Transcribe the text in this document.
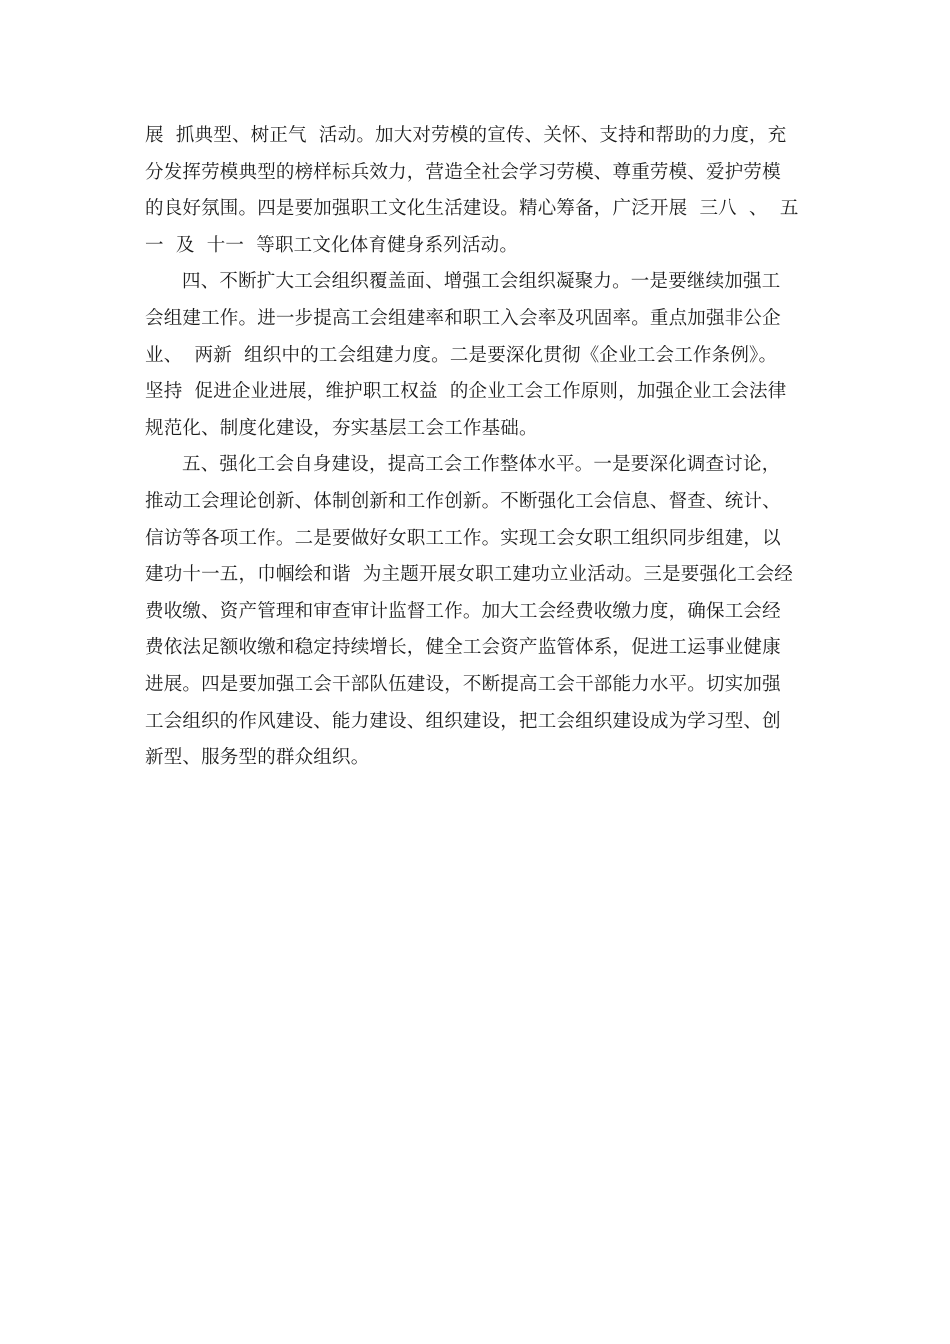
展  抓典型、树正气  活动。加大对劳模的宣传、关怀、支持和帮助的力度，充
分发挥劳模典型的榜样标兵效力，营造全社会学习劳模、尊重劳模、爱护劳模
的良好氛围。四是要加强职工文化生活建设。精心筹备，广泛开展  三八  、  五
一  及  十一  等职工文化体育健身系列活动。
四、不断扩大工会组织覆盖面、增强工会组织凝聚力。一是要继续加强工
会组建工作。进一步提高工会组建率和职工入会率及巩固率。重点加强非公企
业、  两新  组织中的工会组建力度。二是要深化贯彻《企业工会工作条例》。
坚持  促进企业进展，维护职工权益  的企业工会工作原则，加强企业工会法律
规范化、制度化建设，夯实基层工会工作基础。
五、强化工会自身建设，提高工会工作整体水平。一是要深化调查讨论，
推动工会理论创新、体制创新和工作创新。不断强化工会信息、督查、统计、
信访等各项工作。二是要做好女职工工作。实现工会女职工组织同步组建，以
建功十一五，巾帼绘和谐  为主题开展女职工建功立业活动。三是要强化工会经
费收缴、资产管理和审查审计监督工作。加大工会经费收缴力度，确保工会经
费依法足额收缴和稳定持续增长，健全工会资产监管体系，促进工运事业健康
进展。四是要加强工会干部队伍建设，不断提高工会干部能力水平。切实加强
工会组织的作风建设、能力建设、组织建设，把工会组织建设成为学习型、创
新型、服务型的群众组织。
